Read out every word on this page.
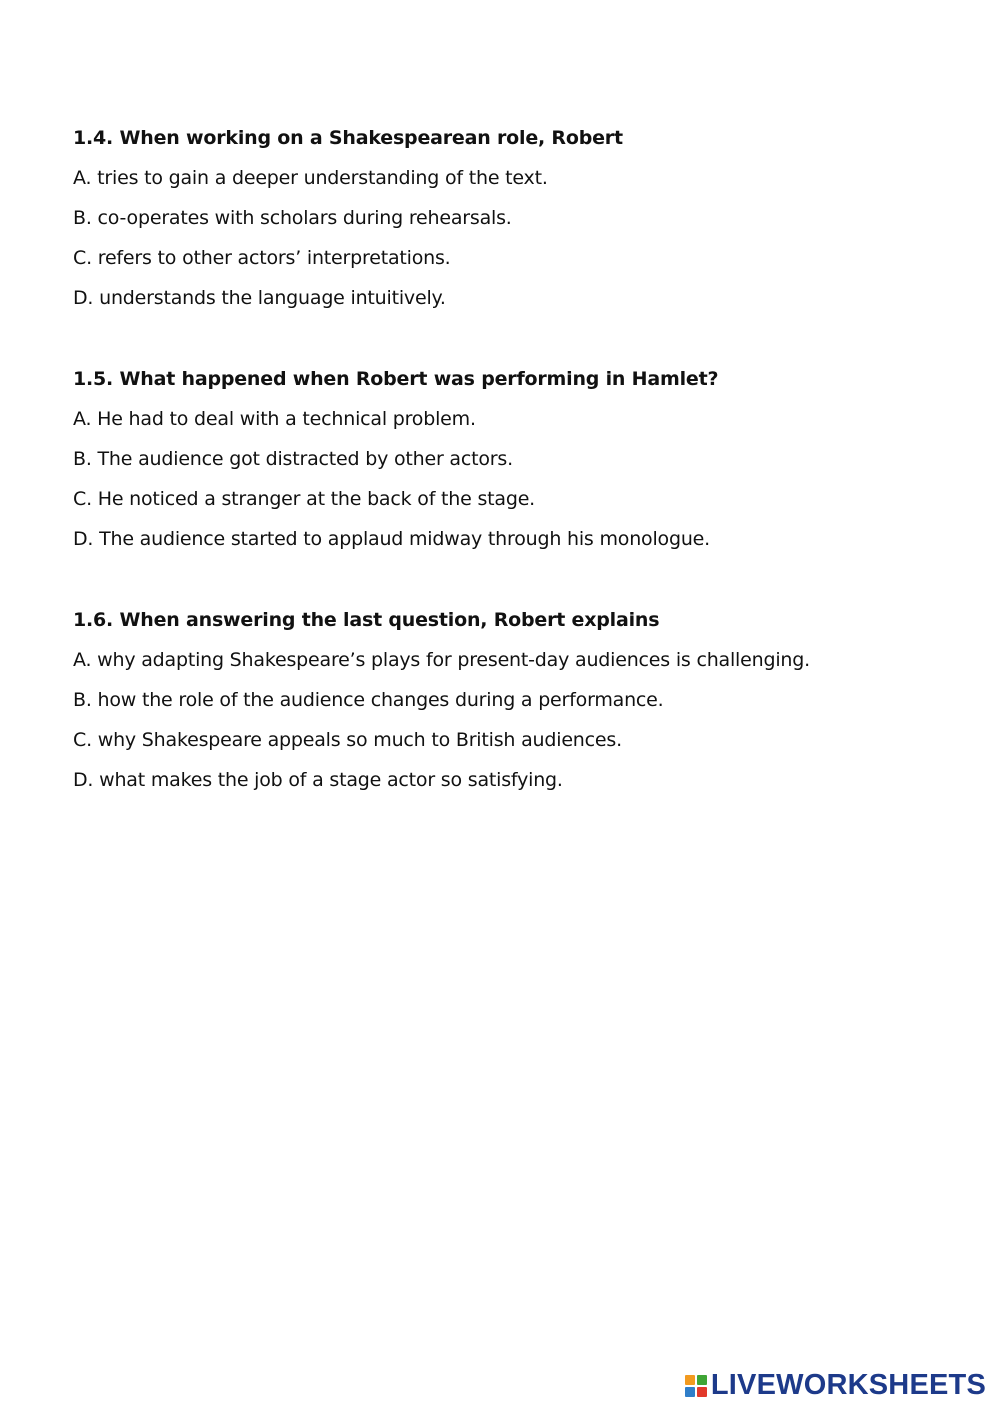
1.4. When working on a Shakespearean role, Robert
A. tries to gain a deeper understanding of the text.
B. co-operates with scholars during rehearsals.
C. refers to other actors’ interpretations.
D. understands the language intuitively.
1.5. What happened when Robert was performing in Hamlet?
A. He had to deal with a technical problem.
B. The audience got distracted by other actors.
C. He noticed a stranger at the back of the stage.
D. The audience started to applaud midway through his monologue.
1.6. When answering the last question, Robert explains
A. why adapting Shakespeare’s plays for present-day audiences is challenging.
B. how the role of the audience changes during a performance.
C. why Shakespeare appeals so much to British audiences.
D. what makes the job of a stage actor so satisfying.
LIVEWORKSHEETS
